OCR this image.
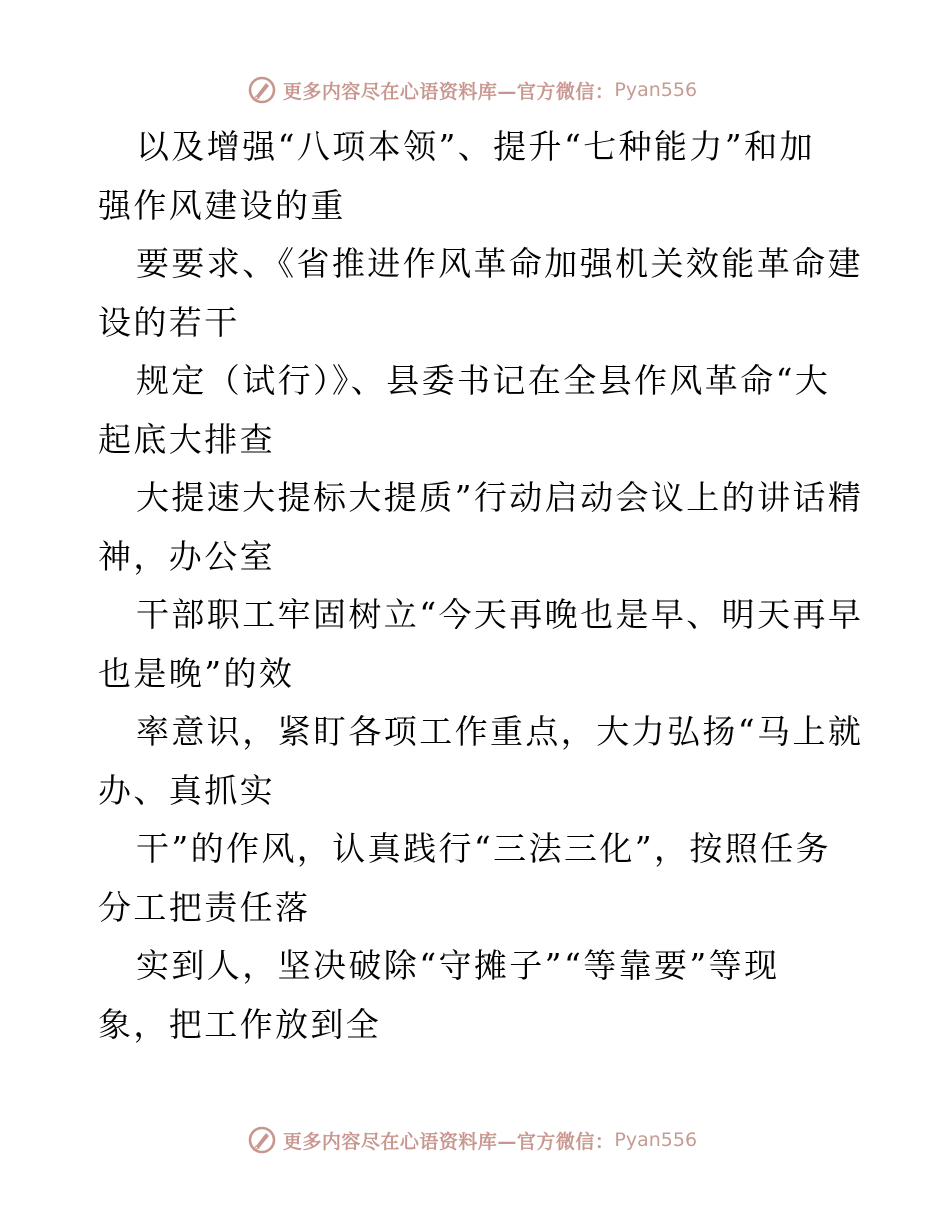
更多内容尽在心语资料库—官方微信： Pyan556
以及增强“八项本领”、提升“七种能力”和加
强作风建设的重
要要求、《省推进作风革命加强机关效能革命建
设的若干
规定（试行）》、县委书记在全县作风革命“大
起底大排查
大提速大提标大提质”行动启动会议上的讲话精
神，办公室
干部职工牢固树立“今天再晚也是早、明天再早
也是晚”的效
率意识，紧盯各项工作重点，大力弘扬“马上就
办、真抓实
干”的作风，认真践行“三法三化”，按照任务
分工把责任落
实到人，坚决破除“守摊子”“等靠要”等现
象，把工作放到全
更多内容尽在心语资料库—官方微信： Pyan556
